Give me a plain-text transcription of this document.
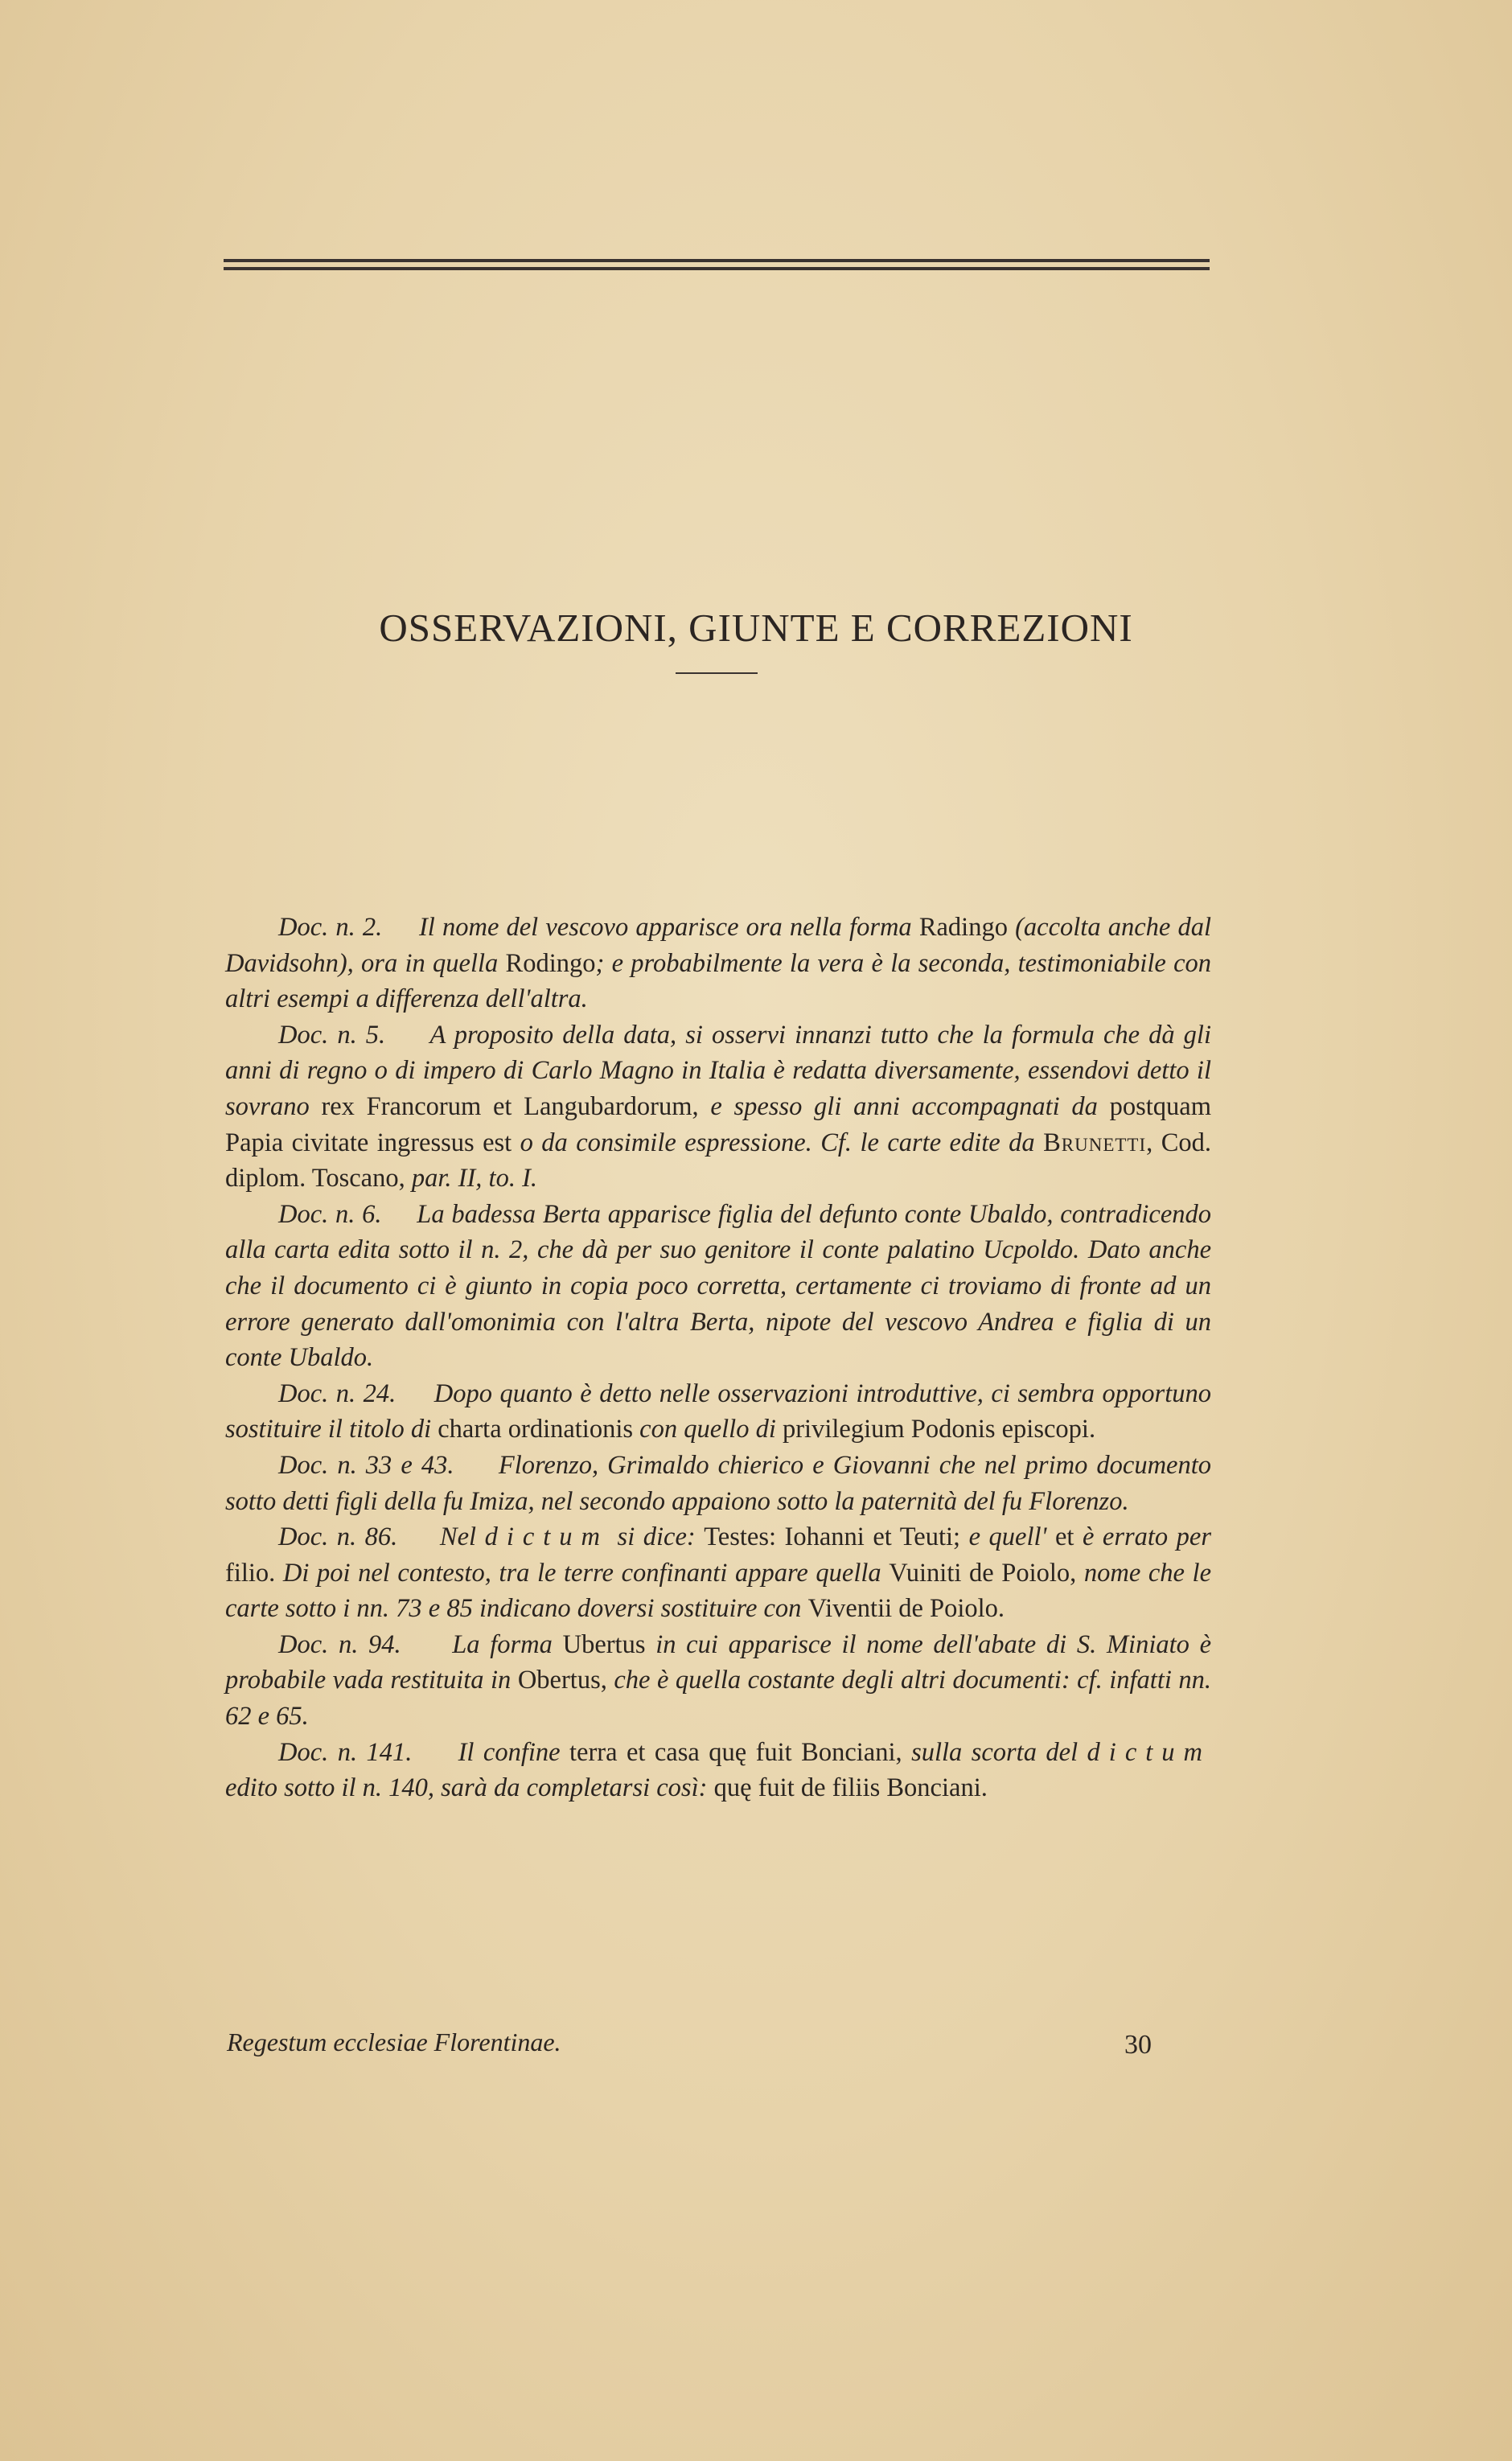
OSSERVAZIONI, GIUNTE E CORREZIONI

Doc. n. 2. Il nome del vescovo apparisce ora nella forma Radingo (accolta anche dal Davidsohn), ora in quella Rodingo; e probabilmente la vera è la seconda, testimoniabile con altri esempi a differenza dell'altra.

Doc. n. 5. A proposito della data, si osservi innanzi tutto che la formula che dà gli anni di regno o di impero di Carlo Magno in Italia è redatta diversamente, essendovi detto il sovrano rex Francorum et Langubardorum, e spesso gli anni accompagnati da postquam Papia civitate ingressus est o da consimile espressione. Cf. le carte edite da Brunetti, Cod. diplom. Toscano, par. II, to. I.

Doc. n. 6. La badessa Berta apparisce figlia del defunto conte Ubaldo, contradicendo alla carta edita sotto il n. 2, che dà per suo genitore il conte palatino Ucpoldo. Dato anche che il documento ci è giunto in copia poco corretta, certamente ci troviamo di fronte ad un errore generato dall'omonimia con l'altra Berta, nipote del vescovo Andrea e figlia di un conte Ubaldo.

Doc. n. 24. Dopo quanto è detto nelle osservazioni introduttive, ci sembra opportuno sostituire il titolo di charta ordinationis con quello di privilegium Podonis episcopi.

Doc. n. 33 e 43. Florenzo, Grimaldo chierico e Giovanni che nel primo documento sotto detti figli della fu Imiza, nel secondo appaiono sotto la paternità del fu Florenzo.

Doc. n. 86. Nel dictum si dice: Testes: Iohanni et Teuti; e quell' et è errato per filio. Di poi nel contesto, tra le terre confinanti appare quella Vuiniti de Poiolo, nome che le carte sotto i nn. 73 e 85 indicano doversi sostituire con Viventii de Poiolo.

Doc. n. 94. La forma Ubertus in cui apparisce il nome dell'abate di S. Miniato è probabile vada restituita in Obertus, che è quella costante degli altri documenti: cf. infatti nn. 62 e 65.

Doc. n. 141. Il confine terra et casa quę fuit Bonciani, sulla scorta del dictum edito sotto il n. 140, sarà da completarsi così: quę fuit de filiis Bonciani.

Regestum ecclesiae Florentinae.	30
